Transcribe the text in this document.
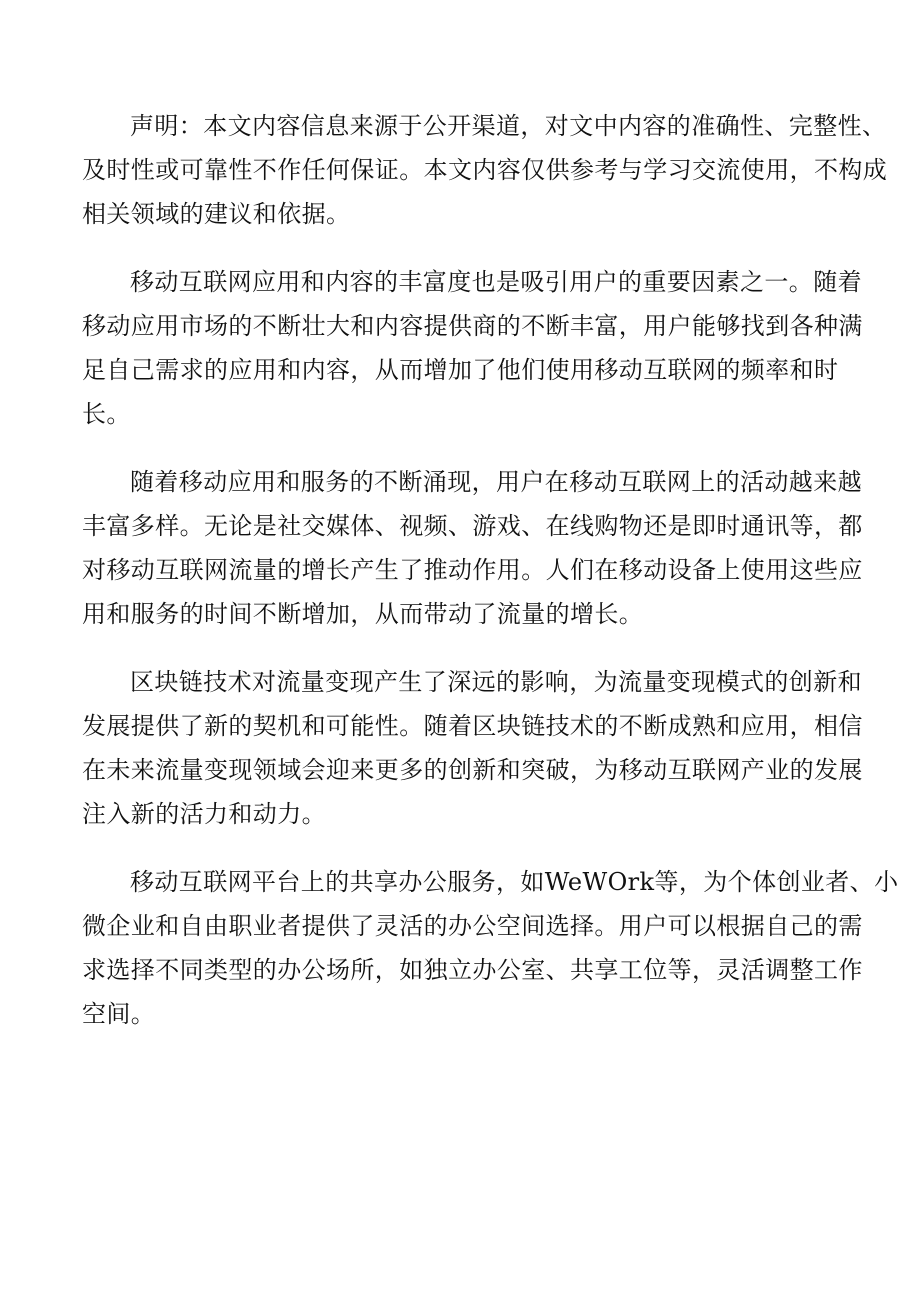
声明：本文内容信息来源于公开渠道，对文中内容的准确性、完整性、
及时性或可靠性不作任何保证。本文内容仅供参考与学习交流使用，不构成
相关领域的建议和依据。

移动互联网应用和内容的丰富度也是吸引用户的重要因素之一。随着
移动应用市场的不断壮大和内容提供商的不断丰富，用户能够找到各种满
足自己需求的应用和内容，从而增加了他们使用移动互联网的频率和时
长。

随着移动应用和服务的不断涌现，用户在移动互联网上的活动越来越
丰富多样。无论是社交媒体、视频、游戏、在线购物还是即时通讯等，都
对移动互联网流量的增长产生了推动作用。人们在移动设备上使用这些应
用和服务的时间不断增加，从而带动了流量的增长。

区块链技术对流量变现产生了深远的影响，为流量变现模式的创新和
发展提供了新的契机和可能性。随着区块链技术的不断成熟和应用，相信
在未来流量变现领域会迎来更多的创新和突破，为移动互联网产业的发展
注入新的活力和动力。

移动互联网平台上的共享办公服务，如WeWOrk等，为个体创业者、小
微企业和自由职业者提供了灵活的办公空间选择。用户可以根据自己的需
求选择不同类型的办公场所，如独立办公室、共享工位等，灵活调整工作
空间。
